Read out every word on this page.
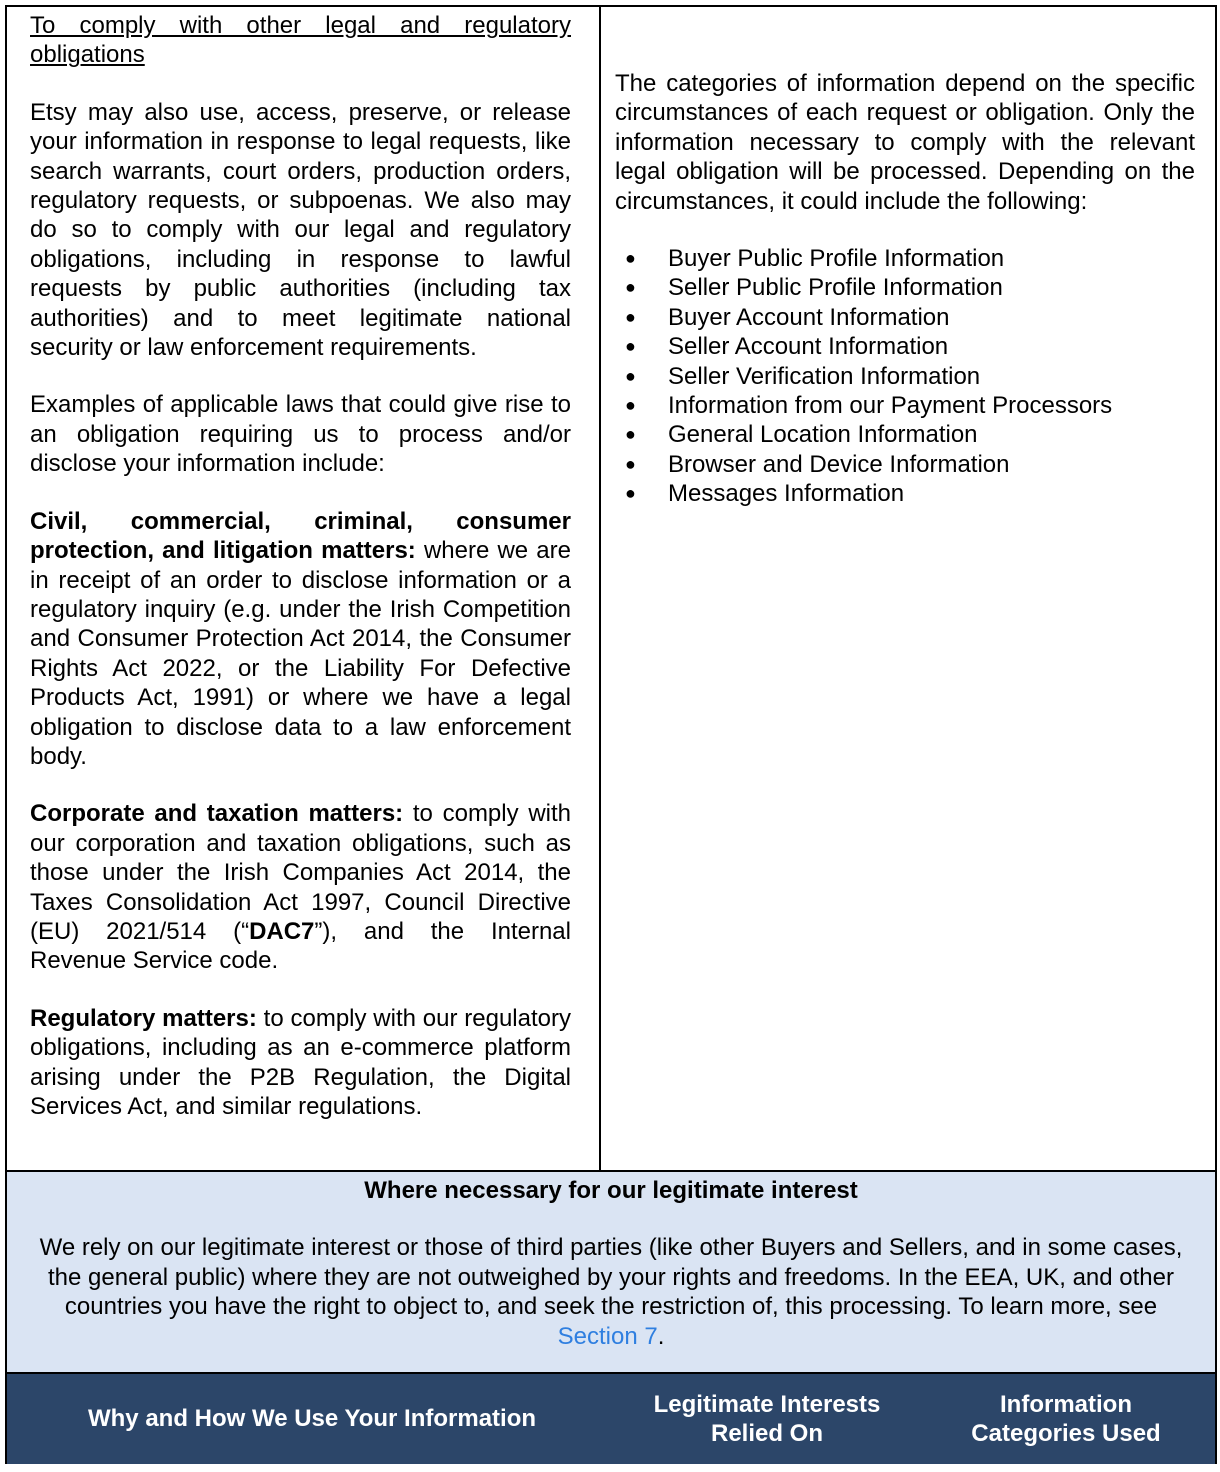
To comply with other legal and regulatory obligations

Etsy may also use, access, preserve, or release your information in response to legal requests, like search warrants, court orders, production orders, regulatory requests, or subpoenas. We also may do so to comply with our legal and regulatory obligations, including in response to lawful requests by public authorities (including tax authorities) and to meet legitimate national security or law enforcement requirements.

Examples of applicable laws that could give rise to an obligation requiring us to process and/or disclose your information include:

Civil, commercial, criminal, consumer protection, and litigation matters: where we are in receipt of an order to disclose information or a regulatory inquiry (e.g. under the Irish Competition and Consumer Protection Act 2014, the Consumer Rights Act 2022, or the Liability For Defective Products Act, 1991) or where we have a legal obligation to disclose data to a law enforcement body.

Corporate and taxation matters: to comply with our corporation and taxation obligations, such as those under the Irish Companies Act 2014, the Taxes Consolidation Act 1997, Council Directive (EU) 2021/514 (“DAC7”), and the Internal Revenue Service code.

Regulatory matters: to comply with our regulatory obligations, including as an e-commerce platform arising under the P2B Regulation, the Digital Services Act, and similar regulations.

The categories of information depend on the specific circumstances of each request or obligation. Only the information necessary to comply with the relevant legal obligation will be processed. Depending on the circumstances, it could include the following:

● Buyer Public Profile Information
● Seller Public Profile Information
● Buyer Account Information
● Seller Account Information
● Seller Verification Information
● Information from our Payment Processors
● General Location Information
● Browser and Device Information
● Messages Information
Where necessary for our legitimate interest

We rely on our legitimate interest or those of third parties (like other Buyers and Sellers, and in some cases, the general public) where they are not outweighed by your rights and freedoms. In the EEA, UK, and other countries you have the right to object to, and seek the restriction of, this processing. To learn more, see Section 7.

Why and How We Use Your Information
Legitimate Interests Relied On
Information Categories Used
